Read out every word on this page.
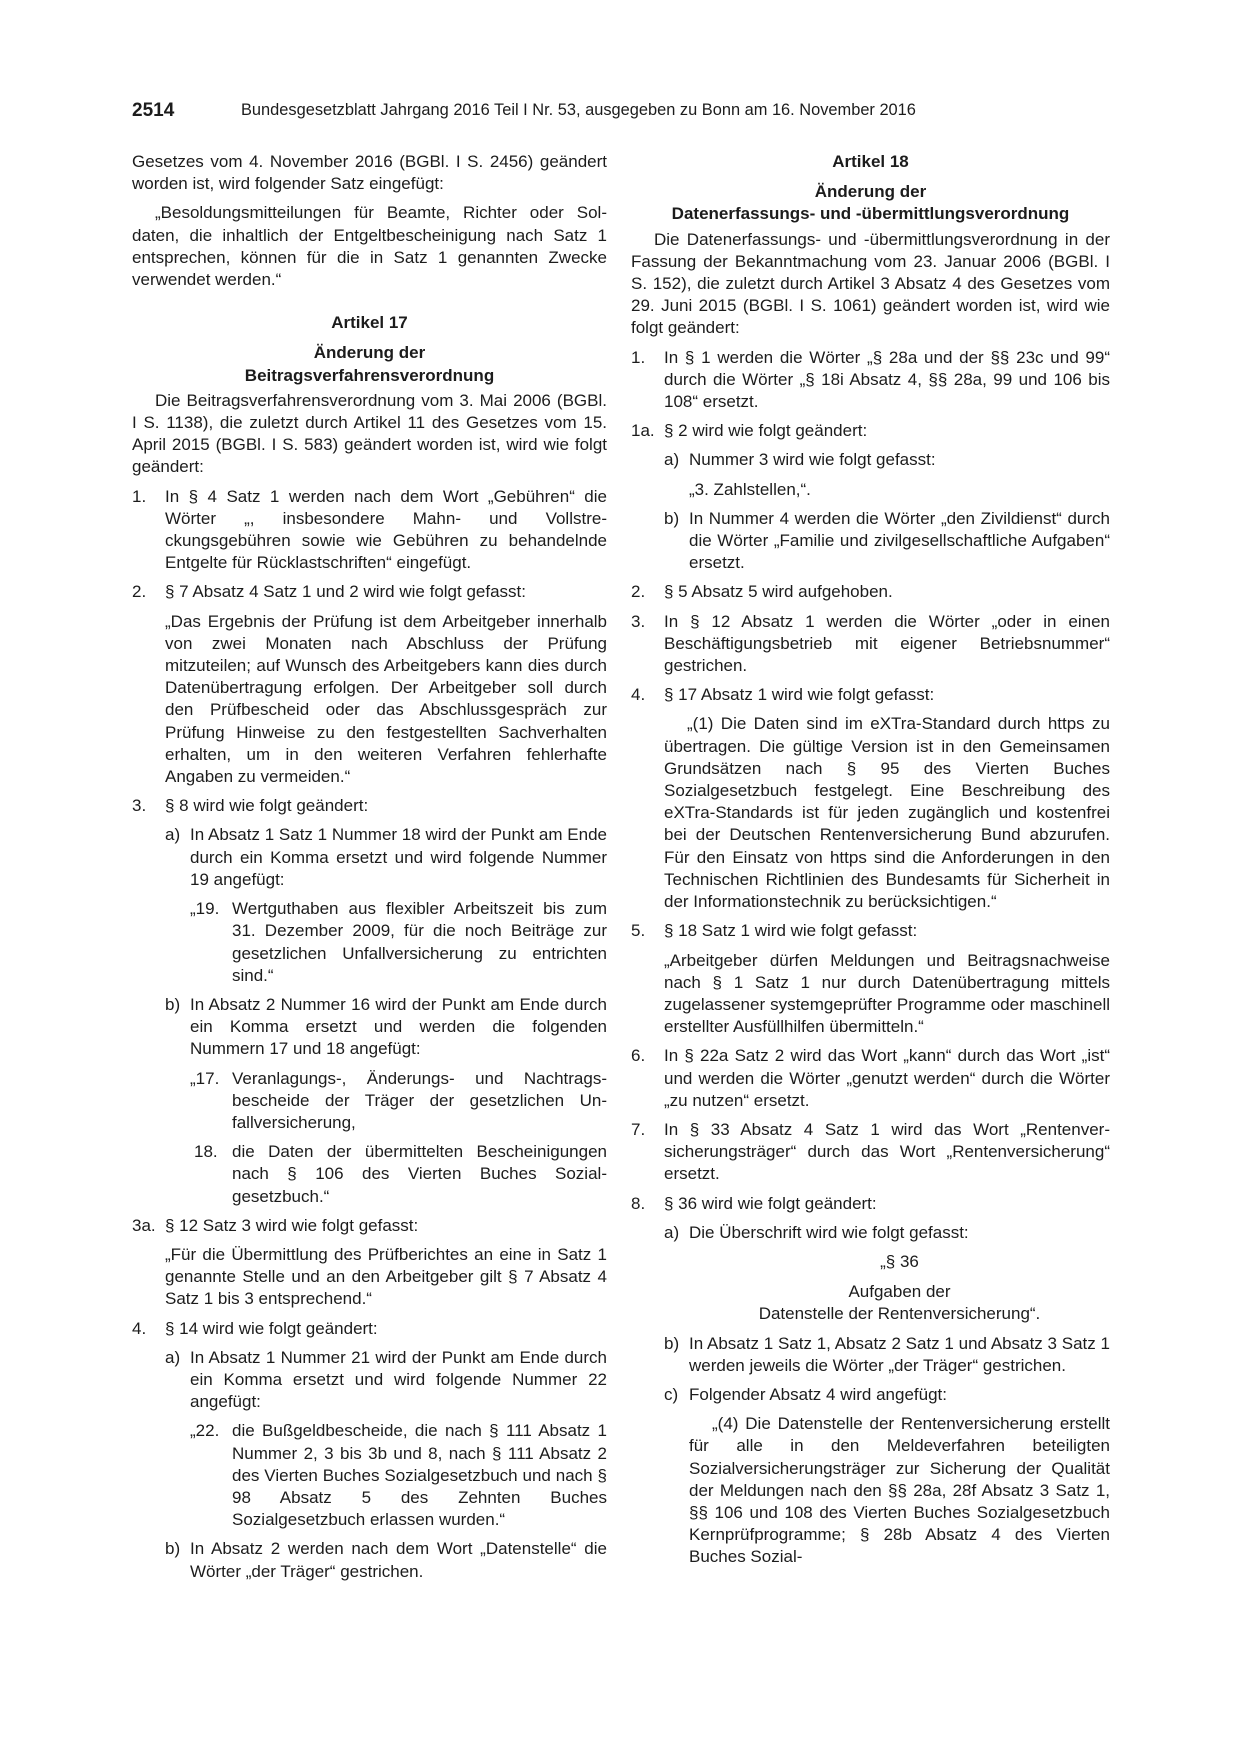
2514	Bundesgesetzblatt Jahrgang 2016 Teil I Nr. 53, ausgegeben zu Bonn am 16. November 2016

Gesetzes vom 4. November 2016 (BGBl. I S. 2456) geändert worden ist, wird folgender Satz eingefügt:

„Besoldungsmitteilungen für Beamte, Richter oder Soldaten, die inhaltlich der Entgeltbescheinigung nach Satz 1 entsprechen, können für die in Satz 1 genannten Zwecke verwendet werden.“

Artikel 17
Änderung der
Beitragsverfahrensverordnung

Die Beitragsverfahrensverordnung vom 3. Mai 2006 (BGBl. I S. 1138), die zuletzt durch Artikel 11 des Gesetzes vom 15. April 2015 (BGBl. I S. 583) geändert worden ist, wird wie folgt geändert:

1.	In § 4 Satz 1 werden nach dem Wort „Gebühren“ die Wörter „, insbesondere Mahn- und Vollstreckungsgebühren sowie wie Gebühren zu behandelnde Entgelte für Rücklastschriften“ eingefügt.
2.	§ 7 Absatz 4 Satz 1 und 2 wird wie folgt gefasst:

„Das Ergebnis der Prüfung ist dem Arbeitgeber innerhalb von zwei Monaten nach Abschluss der Prüfung mitzuteilen; auf Wunsch des Arbeitgebers kann dies durch Datenübertragung erfolgen. Der Arbeitgeber soll durch den Prüfbescheid oder das Abschlussgespräch zur Prüfung Hinweise zu den festgestellten Sachverhalten erhalten, um in den weiteren Verfahren fehlerhafte Angaben zu vermeiden.“

3.	§ 8 wird wie folgt geändert:
a) In Absatz 1 Satz 1 Nummer 18 wird der Punkt am Ende durch ein Komma ersetzt und wird folgende Nummer 19 angefügt:
„19. Wertguthaben aus flexibler Arbeitszeit bis zum 31. Dezember 2009, für die noch Beiträge zur gesetzlichen Unfallversicherung zu entrichten sind.“
b) In Absatz 2 Nummer 16 wird der Punkt am Ende durch ein Komma ersetzt und werden die folgenden Nummern 17 und 18 angefügt:
„17. Veranlagungs-, Änderungs- und Nachtragsbescheide der Träger der gesetzlichen Unfallversicherung,
18. die Daten der übermittelten Bescheinigungen nach § 106 des Vierten Buches Sozialgesetzbuch.“
3a. § 12 Satz 3 wird wie folgt gefasst:

„Für die Übermittlung des Prüfberichtes an eine in Satz 1 genannte Stelle und an den Arbeitgeber gilt § 7 Absatz 4 Satz 1 bis 3 entsprechend.“

4.	§ 14 wird wie folgt geändert:
a) In Absatz 1 Nummer 21 wird der Punkt am Ende durch ein Komma ersetzt und wird folgende Nummer 22 angefügt:
„22. die Bußgeldbescheide, die nach § 111 Absatz 1 Nummer 2, 3 bis 3b und 8, nach § 111 Absatz 2 des Vierten Buches Sozialgesetzbuch und nach § 98 Absatz 5 des Zehnten Buches Sozialgesetzbuch erlassen wurden.“
b) In Absatz 2 werden nach dem Wort „Datenstelle“ die Wörter „der Träger“ gestrichen.
Artikel 18
Änderung der
Datenerfassungs- und -übermittlungsverordnung

Die Datenerfassungs- und -übermittlungsverordnung in der Fassung der Bekanntmachung vom 23. Januar 2006 (BGBl. I S. 152), die zuletzt durch Artikel 3 Absatz 4 des Gesetzes vom 29. Juni 2015 (BGBl. I S. 1061) geändert worden ist, wird wie folgt geändert:

1.	In § 1 werden die Wörter „§ 28a und der §§ 23c und 99“ durch die Wörter „§ 18i Absatz 4, §§ 28a, 99 und 106 bis 108“ ersetzt.
1a. § 2 wird wie folgt geändert:
a) Nummer 3 wird wie folgt gefasst:

„3. Zahlstellen,“.

b) In Nummer 4 werden die Wörter „den Zivildienst“ durch die Wörter „Familie und zivilgesellschaftliche Aufgaben“ ersetzt.
2.	§ 5 Absatz 5 wird aufgehoben.
3.	In § 12 Absatz 1 werden die Wörter „oder in einen Beschäftigungsbetrieb mit eigener Betriebsnummer“ gestrichen.
4.	§ 17 Absatz 1 wird wie folgt gefasst:

„(1) Die Daten sind im eXTra-Standard durch https zu übertragen. Die gültige Version ist in den Gemeinsamen Grundsätzen nach § 95 des Vierten Buches Sozialgesetzbuch festgelegt. Eine Beschreibung des eXTra-Standards ist für jeden zugänglich und kostenfrei bei der Deutschen Rentenversicherung Bund abzurufen. Für den Einsatz von https sind die Anforderungen in den Technischen Richtlinien des Bundesamts für Sicherheit in der Informationstechnik zu berücksichtigen.“

5.	§ 18 Satz 1 wird wie folgt gefasst:

„Arbeitgeber dürfen Meldungen und Beitragsnachweise nach § 1 Satz 1 nur durch Datenübertragung mittels zugelassener systemgeprüfter Programme oder maschinell erstellter Ausfüllhilfen übermitteln.“

6.	In § 22a Satz 2 wird das Wort „kann“ durch das Wort „ist“ und werden die Wörter „genutzt werden“ durch die Wörter „zu nutzen“ ersetzt.
7.	In § 33 Absatz 4 Satz 1 wird das Wort „Rentenversicherungsträger“ durch das Wort „Rentenversicherung“ ersetzt.
8.	§ 36 wird wie folgt geändert:
a) Die Überschrift wird wie folgt gefasst:
„§ 36
Aufgaben der
Datenstelle der Rentenversicherung“.
b) In Absatz 1 Satz 1, Absatz 2 Satz 1 und Absatz 3 Satz 1 werden jeweils die Wörter „der Träger“ gestrichen.
c) Folgender Absatz 4 wird angefügt:

„(4) Die Datenstelle der Rentenversicherung erstellt für alle in den Meldeverfahren beteiligten Sozialversicherungsträger zur Sicherung der Qualität der Meldungen nach den §§ 28a, 28f Absatz 3 Satz 1, §§ 106 und 108 des Vierten Buches Sozialgesetzbuch Kernprüfprogramme; § 28b Absatz 4 des Vierten Buches Sozial-
